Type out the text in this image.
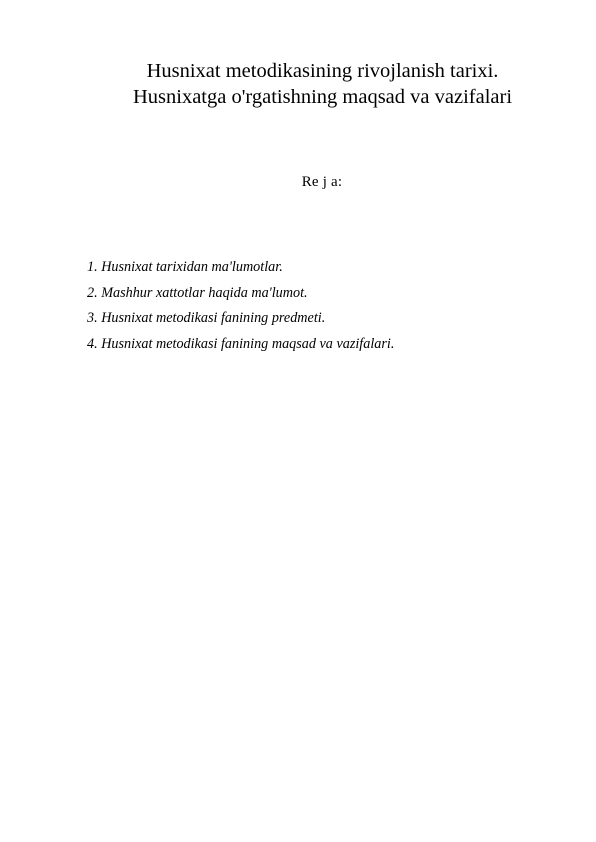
Husnixat metodikasining rivojlanish tarixi.
Husnixatga o'rgatishning maqsad va vazifalari
Re j a:
1. Husnixat tarixidan ma'lumotlar.
2. Mashhur xattotlar haqida ma'lumot.
3. Husnixat metodikasi fanining predmeti.
4. Husnixat metodikasi fanining maqsad va vazifalari.
